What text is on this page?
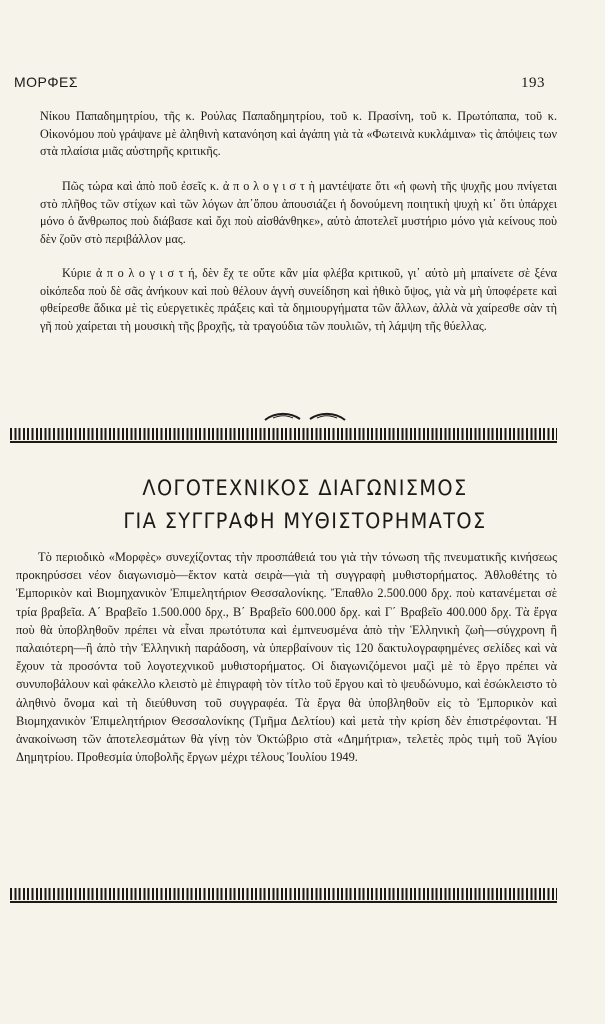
ΜΟΡΦΕΣ	193

Νίκου Παπαδημητρίου, τῆς κ. Ρούλας Παπαδημητρίου, τοῦ κ. Πρασίνη, τοῦ κ. Πρωτόπαπα, τοῦ κ. Οἰκονόμου ποὺ γράψανε μὲ ἀληθινὴ κατανόηση καὶ ἀγάπη γιὰ τὰ «Φωτεινὰ κυκλάμινα» τὶς ἀπόψεις των στὰ πλαίσια μιᾶς αὐστηρῆς κριτικῆς.

Πῶς τώρα καὶ ἀπὸ ποῦ ἐσεῖς κ. ἀ π ο λ ο γ ι σ τ ὴ μαντέψατε ὅτι «ἡ φωνὴ τῆς ψυχῆς μου πνίγεται στὸ πλῆθος τῶν στίχων καὶ τῶν λόγων ἀπ᾽ὅπου ἀπουσιάζει ἡ δονούμενη ποιητικὴ ψυχὴ κι᾽ ὅτι ὑπάρχει μόνο ὁ ἄνθρωπος ποὺ διάβασε καὶ ὄχι ποὺ αἰσθάνθηκε», αὐτὸ ἀποτελεῖ μυστήριο μόνο γιὰ κείνους ποὺ δὲν ζοῦν στὸ περιβάλλον μας.

Κύριε ἀ π ο λ ο γ ι σ τ ή, δὲν ἔχ τε οὔτε κἂν μία φλέβα κριτικοῦ, γι᾽ αὐτὸ μὴ μπαίνετε σὲ ξένα οἰκόπεδα ποὺ δὲ σᾶς ἀνήκουν καὶ ποὺ θέλουν ἁγνὴ συνείδηση καὶ ἠθικὸ ὕψος, γιὰ νὰ μὴ ὑποφέρετε καὶ φθείρεσθε ἄδικα μὲ τὶς εὐεργετικὲς πράξεις καὶ τὰ δημιουργήματα τῶν ἄλλων, ἀλλὰ νὰ χαίρεσθε σὰν τὴ γῆ ποὺ χαίρεται τὴ μουσικὴ τῆς βροχῆς, τὰ τραγούδια τῶν πουλιῶν, τὴ λάμψη τῆς θύελλας.

ΛΟΓΟΤΕΧΝΙΚΟΣ ΔΙΑΓΩΝΙΣΜΟΣ
ΓΙΑ ΣΥΓΓΡΑΦΗ ΜΥΘΙΣΤΟΡΗΜΑΤΟΣ

Τὸ περιοδικὸ «Μορφὲς» συνεχίζοντας τὴν προσπάθειά του γιὰ τὴν τόνωση τῆς πνευματικῆς κινήσεως προκηρύσσει νέον διαγωνισμὸ—ἕκτον κατὰ σειρὰ—γιὰ τὴ συγγραφὴ μυθιστορήματος. Ἀθλοθέτης τὸ Ἐμπορικὸν καὶ Βιομηχανικὸν Ἐπιμελητήριον Θεσσαλονίκης. Ἔπαθλο 2.500.000 δρχ. ποὺ κατανέμεται σὲ τρία βραβεῖα. Α΄ Βραβεῖο 1.500.000 δρχ., Β΄ Βραβεῖο 600.000 δρχ. καὶ Γ΄ Βραβεῖο 400.000 δρχ. Τὰ ἔργα ποὺ θὰ ὑποβληθοῦν πρέπει νὰ εἶναι πρωτότυπα καὶ ἐμπνευσμένα ἀπὸ τὴν Ἑλληνικὴ ζωὴ—σύγχρονη ἢ παλαιότερη—ἢ ἀπὸ τὴν Ἑλληνικὴ παράδοση, νὰ ὑπερβαίνουν τὶς 120 δακτυλογραφημένες σελίδες καὶ νὰ ἔχουν τὰ προσόντα τοῦ λογοτεχνικοῦ μυθιστορήματος. Οἱ διαγωνιζόμενοι μαζὶ μὲ τὸ ἔργο πρέπει νὰ συνυποβάλουν καὶ φάκελλο κλειστὸ μὲ ἐπιγραφὴ τὸν τίτλο τοῦ ἔργου καὶ τὸ ψευδώνυμο, καὶ ἐσώκλειστο τὸ ἀληθινὸ ὄνομα καὶ τὴ διεύθυνση τοῦ συγγραφέα. Τὰ ἔργα θὰ ὑποβληθοῦν εἰς τὸ Ἐμπορικὸν καὶ Βιομηχανικὸν Ἐπιμελητήριον Θεσσαλονίκης (Τμῆμα Δελτίου) καὶ μετὰ τὴν κρίση δὲν ἐπιστρέφονται. Ἡ ἀνακοίνωση τῶν ἀποτελεσμάτων θὰ γίνῃ τὸν Ὀκτώβριο στὰ «Δημήτρια», τελετὲς πρὸς τιμὴ τοῦ Ἁγίου Δημητρίου. Προθεσμία ὑποβολῆς ἔργων μέχρι τέλους Ἰουλίου 1949.
